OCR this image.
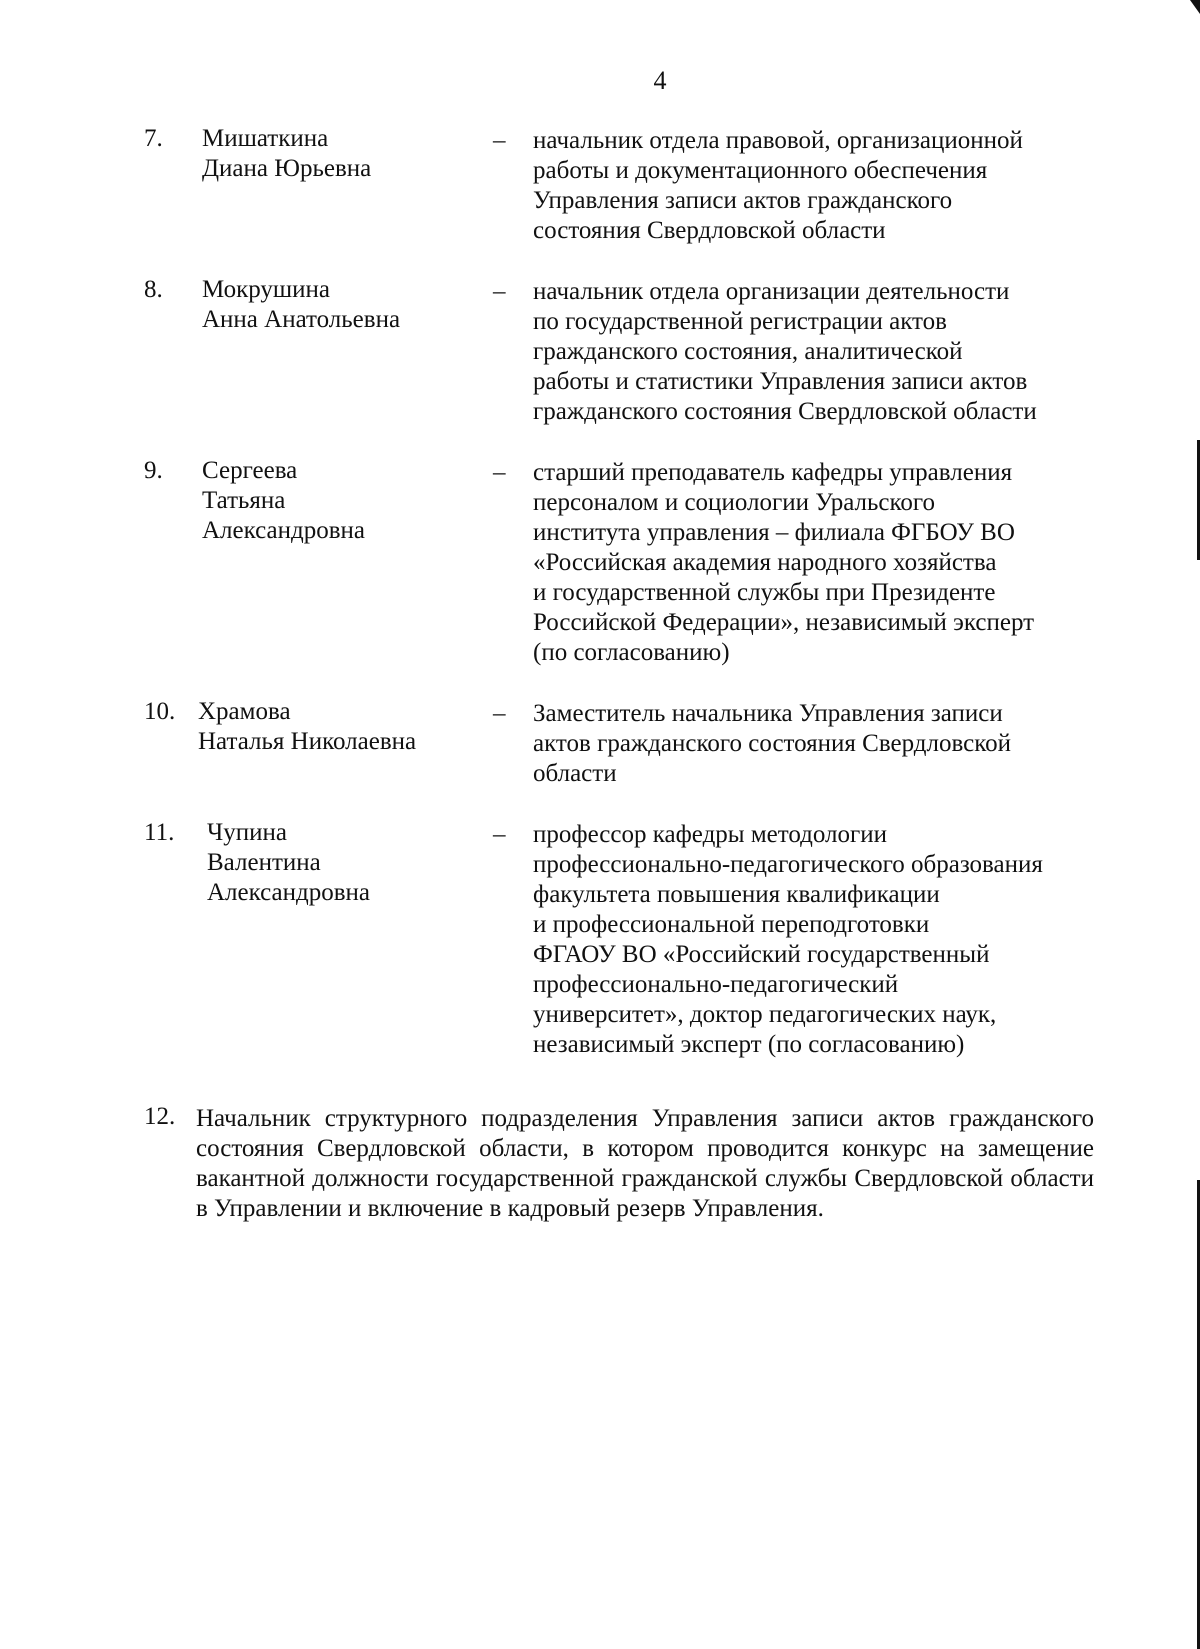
4
7. Мишаткина
Диана Юрьевна
– начальник отдела правовой, организационной
работы и документационного обеспечения
Управления записи актов гражданского
состояния Свердловской области
8. Мокрушина
Анна Анатольевна
– начальник отдела организации деятельности
по государственной регистрации актов
гражданского состояния, аналитической
работы и статистики Управления записи актов
гражданского состояния Свердловской области
9. Сергеева
Татьяна
Александровна
– старший преподаватель кафедры управления
персоналом и социологии Уральского
института управления – филиала ФГБОУ ВО
«Российская академия народного хозяйства
и государственной службы при Президенте
Российской Федерации», независимый эксперт
(по согласованию)
10. Храмова
Наталья Николаевна
– Заместитель начальника Управления записи
актов гражданского состояния Свердловской
области
11. Чупина
Валентина
Александровна
– профессор кафедры методологии
профессионально-педагогического образования
факультета повышения квалификации
и профессиональной переподготовки
ФГАОУ ВО «Российский государственный
профессионально-педагогический
университет», доктор педагогических наук,
независимый эксперт (по согласованию)
12. Начальник структурного подразделения Управления записи актов гражданского состояния Свердловской области, в котором проводится конкурс на замещение вакантной должности государственной гражданской службы Свердловской области в Управлении и включение в кадровый резерв Управления.
